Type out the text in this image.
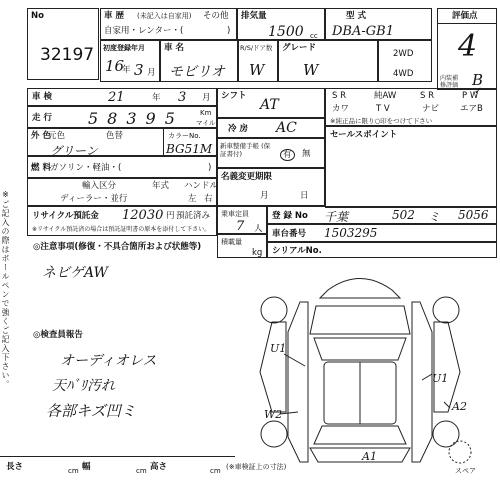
※ご記入の際はボールペンで強くご記入下さい。
No
32197
車 歴 (未記入は自家用) その他
自家用・レンター・(	)
排気量
1500 cc
型 式
DBA-GB1
評価点
4
内装補修評価 B
初度登録年月
16
年 3 月
車 名
モビリオ
R/S/ドア数
W
グレード
W
2WD
4WD
車 検	21	年 3 月
走 行 58395 Km
マイル
シフト
AT
冷 房 AC
S R	純AW	S R	P W
カワ	T V	ナビ エアB
※純正品に限り○印をつけて下さい
✓
外 色
元色	色替
グリーン
カラーNo.
BG51M
セールスポイント
燃 料 ガソリン・軽油・(	)
新車整備手帳 (保証書付)	有	無
輸入区分	年式 ハンドル
ディーラー・並行	左 右
名義変更期限
月	日
リサイクル預託金 12030 円 預託済み
※リサイクル預託済の場合は預託証明書の原本を添付して下さい。
乗車定員
7 人
積載量
kg
登 録 No 千葉	502 ミ 5056
車台番号 1503295
シリアルNo.
◎注意事項(修復・不具合箇所および状態等)
ネビゲAW
◎検査員報告
オーディオレス
天ﾊﾞﾘ汚れ
各部キズ凹ミ
U1
U1
W2
A2
A1
スペア
長さ	cm 幅	cm 高さ	cm (※車検証上の寸法)
